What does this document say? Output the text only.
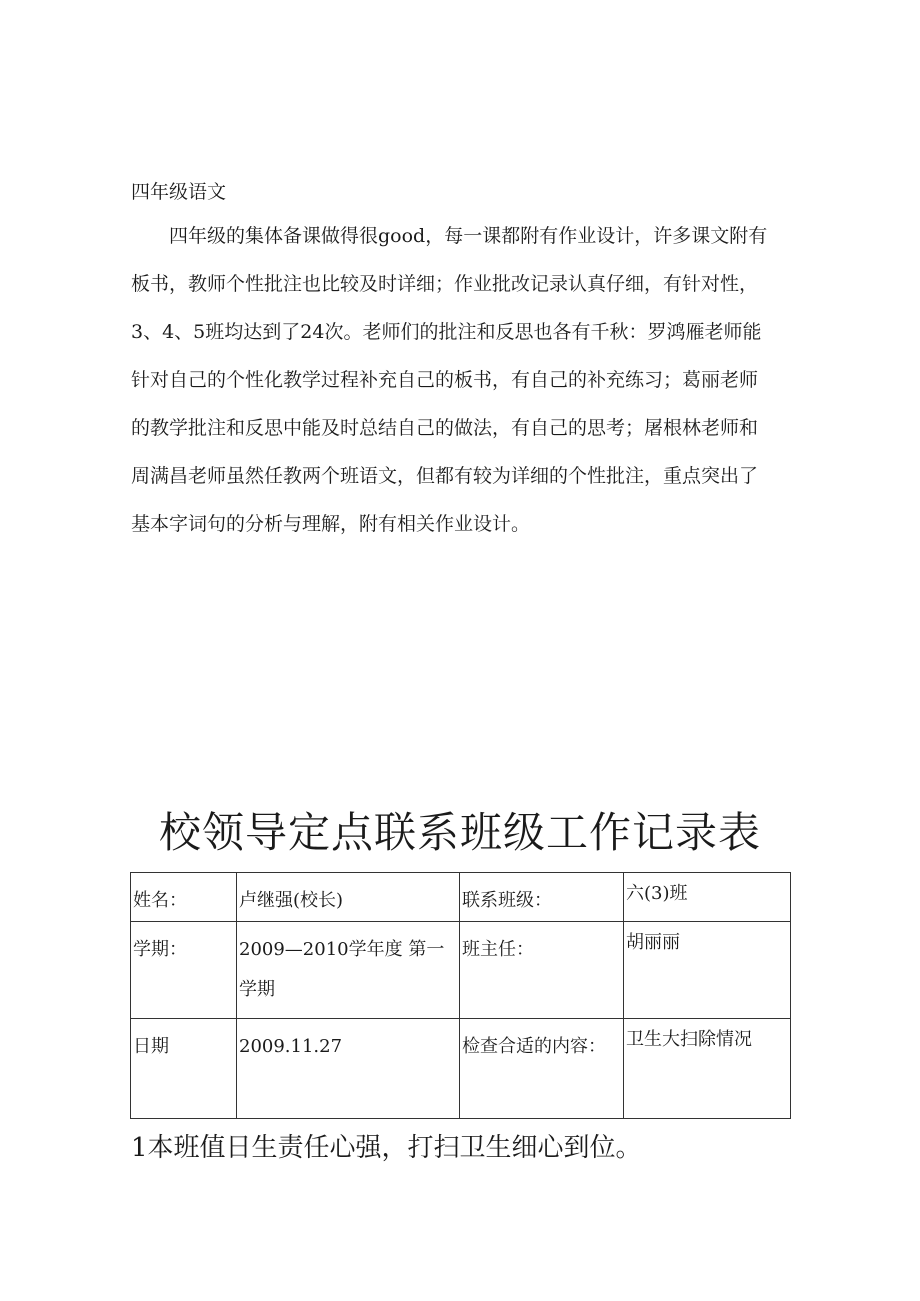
四年级语文
　　四年级的集体备课做得很good，每一课都附有作业设计，许多课文附有
板书，教师个性批注也比较及时详细；作业批改记录认真仔细，有针对性，
3、4、5班均达到了24次。老师们的批注和反思也各有千秋：罗鸿雁老师能
针对自己的个性化教学过程补充自己的板书，有自己的补充练习；葛丽老师
的教学批注和反思中能及时总结自己的做法，有自己的思考；屠根林老师和
周满昌老师虽然任教两个班语文，但都有较为详细的个性批注，重点突出了
基本字词句的分析与理解，附有相关作业设计。
校领导定点联系班级工作记录表
姓名：	卢继强(校长)	联系班级：	六(3)班
学期：	2009—2010学年度 第一学期	班主任：	胡丽丽
日期	2009.11.27	检查合适的内容：	卫生大扫除情况
1本班值日生责任心强，打扫卫生细心到位。
